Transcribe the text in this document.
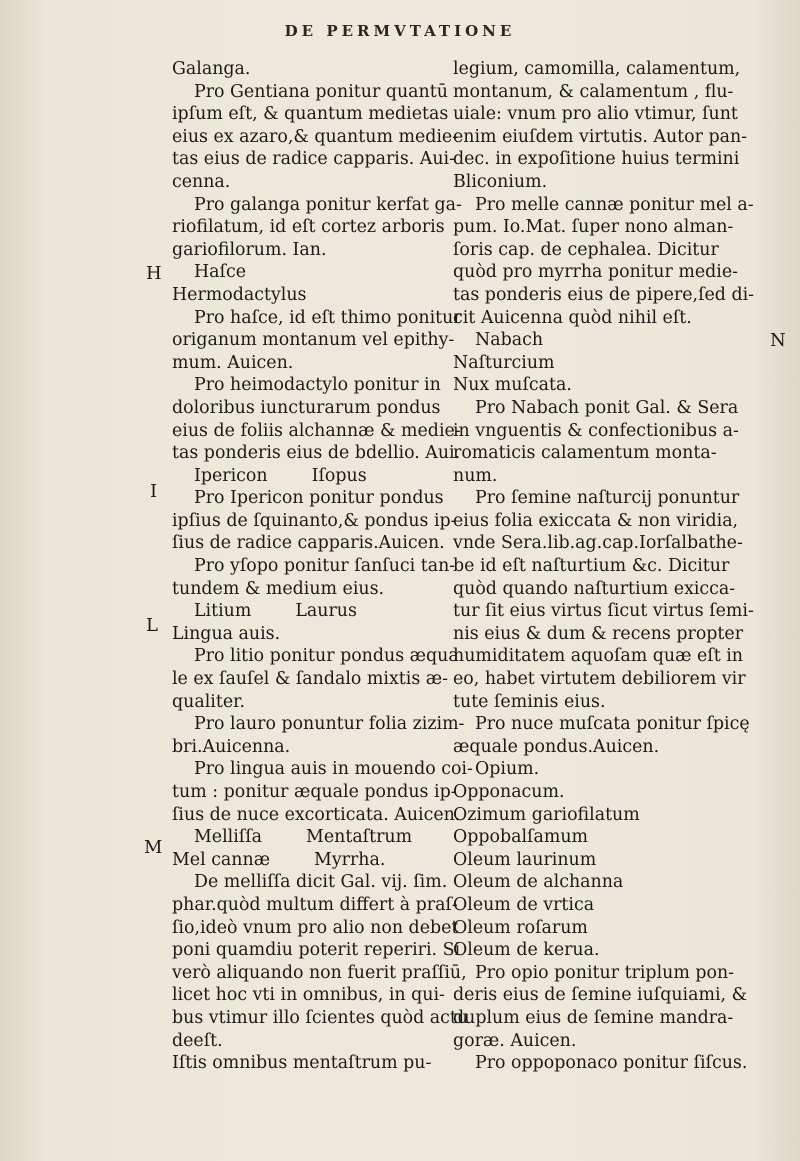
DE PERMVTATIONE
H
I
L
M
N
Galanga.
Pro Gentiana ponitur quantū
ipſum eſt, & quantum medietas
eius ex azaro,& quantum medie-
tas eius de radice capparis. Aui-
cenna.
Pro galanga ponitur kerfat ga-
riofilatum, id eſt cortez arboris
gariofilorum. Ian.
Haſce
Hermodactylus
Pro haſce, id eſt thimo ponitur
origanum montanum vel epithy-
mum. Auicen.
Pro heimodactylo ponitur in
doloribus iuncturarum pondus
eius de foliis alchannæ & medie-
tas ponderis eius de bdellio. Aui.
Ipericon	Iſopus
Pro Ipericon ponitur pondus
ipſius de ſquinanto,& pondus ip-
ſius de radice capparis.Auicen.
Pro yſopo ponitur ſanſuci tan-
tundem & medium eius.
Litium	Laurus
Lingua auis.
Pro litio ponitur pondus æqua
le ex ſauſel & ſandalo mixtis æ-
qualiter.
Pro lauro ponuntur folia zizim-
bri.Auicenna.
Pro lingua auis in mouendo coi-
tum : ponitur æquale pondus ip-
ſius de nuce excorticata. Auicen.
Melliſſa	Mentaſtrum
Mel cannæ	Myrrha.
De melliſſa dicit Gal. vij. ſim.
phar.quòd multum differt à praſ-
ſio,ideò vnum pro alio non debet
poni quamdiu poterit reperiri. Si
verò aliquando non fuerit praſſiū,
licet hoc vti in omnibus, in qui-
bus vtimur illo ſcientes quòd actu
deeſt.
Iſtis omnibus mentaſtrum pu-
legium, camomilla, calamentum,
montanum, & calamentum , flu-
uiale: vnum pro alio vtimur, ſunt
enim eiuſdem virtutis. Autor pan-
dec. in expoſitione huius termini
Bliconium.
Pro melle cannæ ponitur mel a-
pum. Io.Mat. ſuper nono alman-
ſoris cap. de cephalea. Dicitur
quòd pro myrrha ponitur medie-
tas ponderis eius de pipere,ſed di-
cit Auicenna quòd nihil eſt.
Nabach
Naſturcium
Nux muſcata.
Pro Nabach ponit Gal. & Sera
in vnguentis & confectionibus a-
romaticis calamentum monta-
num.
Pro ſemine naſturcij ponuntur
eius folia exiccata & non viridia,
vnde Sera.lib.ag.cap.Iorſalbathe-
be id eſt naſturtium &c. Dicitur
quòd quando naſturtium exicca-
tur ſit eius virtus ſicut virtus ſemi-
nis eius & dum & recens propter
humiditatem aquoſam quæ eſt in
eo, habet virtutem debiliorem vir
tute ſeminis eius.
Pro nuce muſcata ponitur ſpicę
æquale pondus.Auicen.
Opium.
Opponacum.
Ozimum gariofilatum
Oppobalſamum
Oleum laurinum
Oleum de alchanna
Oleum de vrtica
Oleum roſarum
Oleum de kerua.
Pro opio ponitur triplum pon-
deris eius de ſemine iuſquiami, &
duplum eius de ſemine mandra-
goræ. Auicen.
Pro oppoponaco ponitur ſiſcus.
